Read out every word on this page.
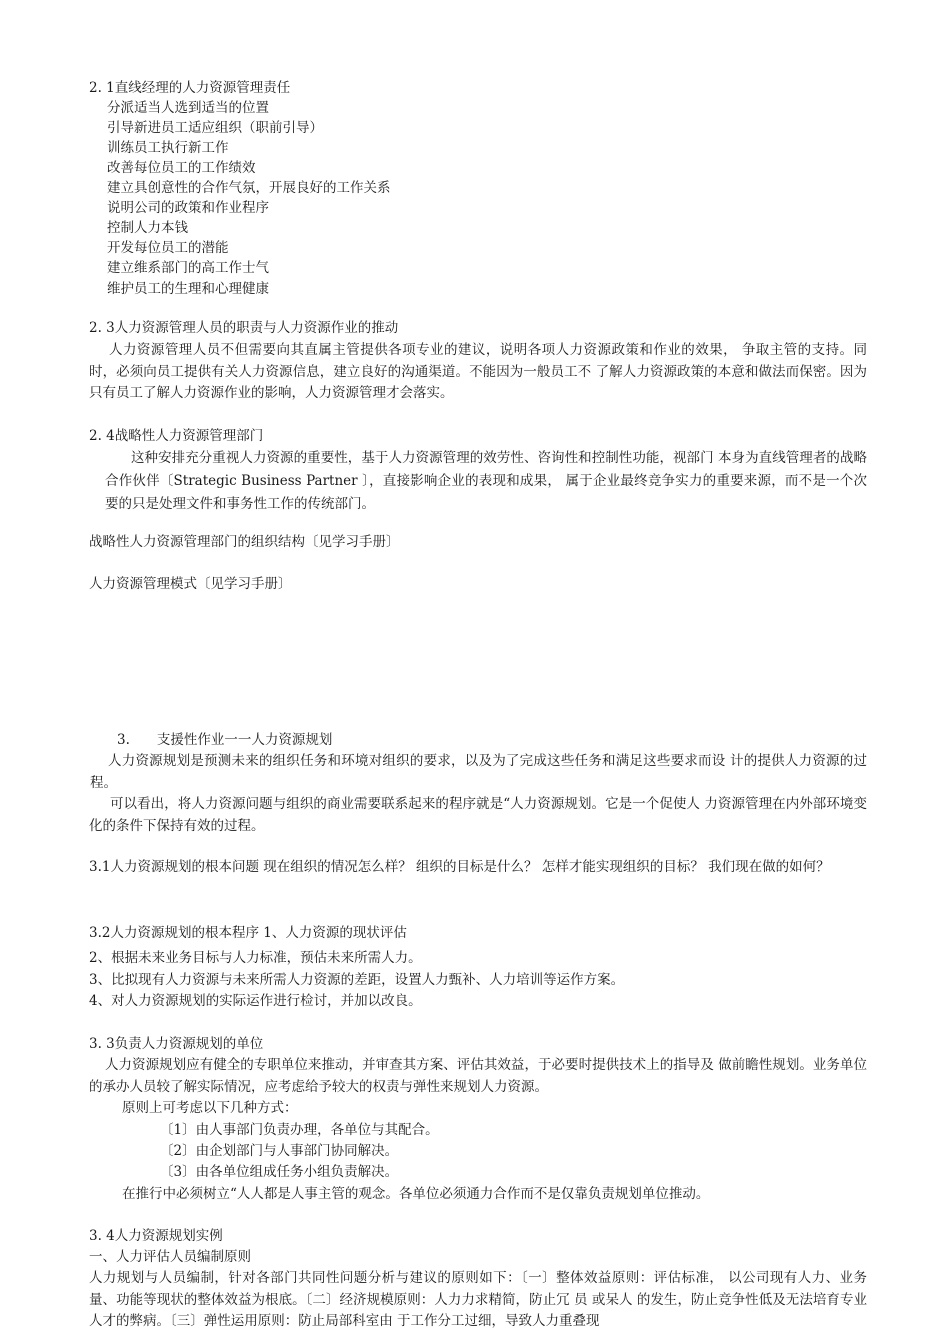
2. 1直线经理的人力资源管理责任
分派适当人选到适当的位置
引导新进员工适应组织（职前引导）
训练员工执行新工作
改善每位员工的工作绩效
建立具创意性的合作气氛，开展良好的工作关系
说明公司的政策和作业程序
控制人力本钱
开发每位员工的潜能
建立维系部门的高工作士气
维护员工的生理和心理健康
2. 3人力资源管理人员的职责与人力资源作业的推动
人力资源管理人员不但需要向其直属主管提供各项专业的建议，说明各项人力资源政策和作业的效果， 争取主管的支持。同时，必须向员工提供有关人力资源信息，建立良好的沟通渠道。不能因为一般员工不 了解人力资源政策的本意和做法而保密。因为只有员工了解人力资源作业的影响，人力资源管理才会落实。
2. 4战略性人力资源管理部门
这种安排充分重视人力资源的重要性，基于人力资源管理的效劳性、咨询性和控制性功能，视部门 本身为直线管理者的战略合作伙伴〔Strategic Business Partner 〕，直接影响企业的表现和成果， 属于企业最终竞争实力的重要来源，而不是一个次要的只是处理文件和事务性工作的传统部门。
战略性人力资源管理部门的组织结构〔见学习手册〕
人力资源管理模式〔见学习手册〕
3.　　支援性作业一一人力资源规划
人力资源规划是预测未来的组织任务和环境对组织的要求，以及为了完成这些任务和满足这些要求而设 计的提供人力资源的过程。
可以看出，将人力资源问题与组织的商业需要联系起来的程序就是“人力资源规划。它是一个促使人 力资源管理在内外部环境变化的条件下保持有效的过程。
3.1人力资源规划的根本问题 现在组织的情况怎么样？ 组织的目标是什么？ 怎样才能实现组织的目标？ 我们现在做的如何？
3.2人力资源规划的根本程序 1、人力资源的现状评估
2、根据未来业务目标与人力标准，预估未来所需人力。
3、比拟现有人力资源与未来所需人力资源的差距，设置人力甄补、人力培训等运作方案。
4、对人力资源规划的实际运作进行检讨，并加以改良。
3. 3负责人力资源规划的单位
人力资源规划应有健全的专职单位来推动，并审查其方案、评估其效益，于必要时提供技术上的指导及 做前瞻性规划。业务单位的承办人员较了解实际情况，应考虑给予较大的权责与弹性来规划人力资源。
原则上可考虑以下几种方式：
〔1〕由人事部门负责办理，各单位与其配合。
〔2〕由企划部门与人事部门协同解决。
〔3〕由各单位组成任务小组负责解决。
在推行中必须树立“人人都是人事主管的观念。各单位必须通力合作而不是仅靠负责规划单位推动。
3. 4人力资源规划实例
一、人力评估人员编制原则
人力规划与人员编制，针对各部门共同性问题分析与建议的原则如下：〔一〕整体效益原则：评估标准， 以公司现有人力、业务量、功能等现状的整体效益为根底。〔二〕经济规模原则：人力力求精简，防止冗 员 或呆人 的发生，防止竞争性低及无法培育专业人才的弊病。〔三〕弹性运用原则：防止局部科室由 于工作分工过细，导致人力重叠现
